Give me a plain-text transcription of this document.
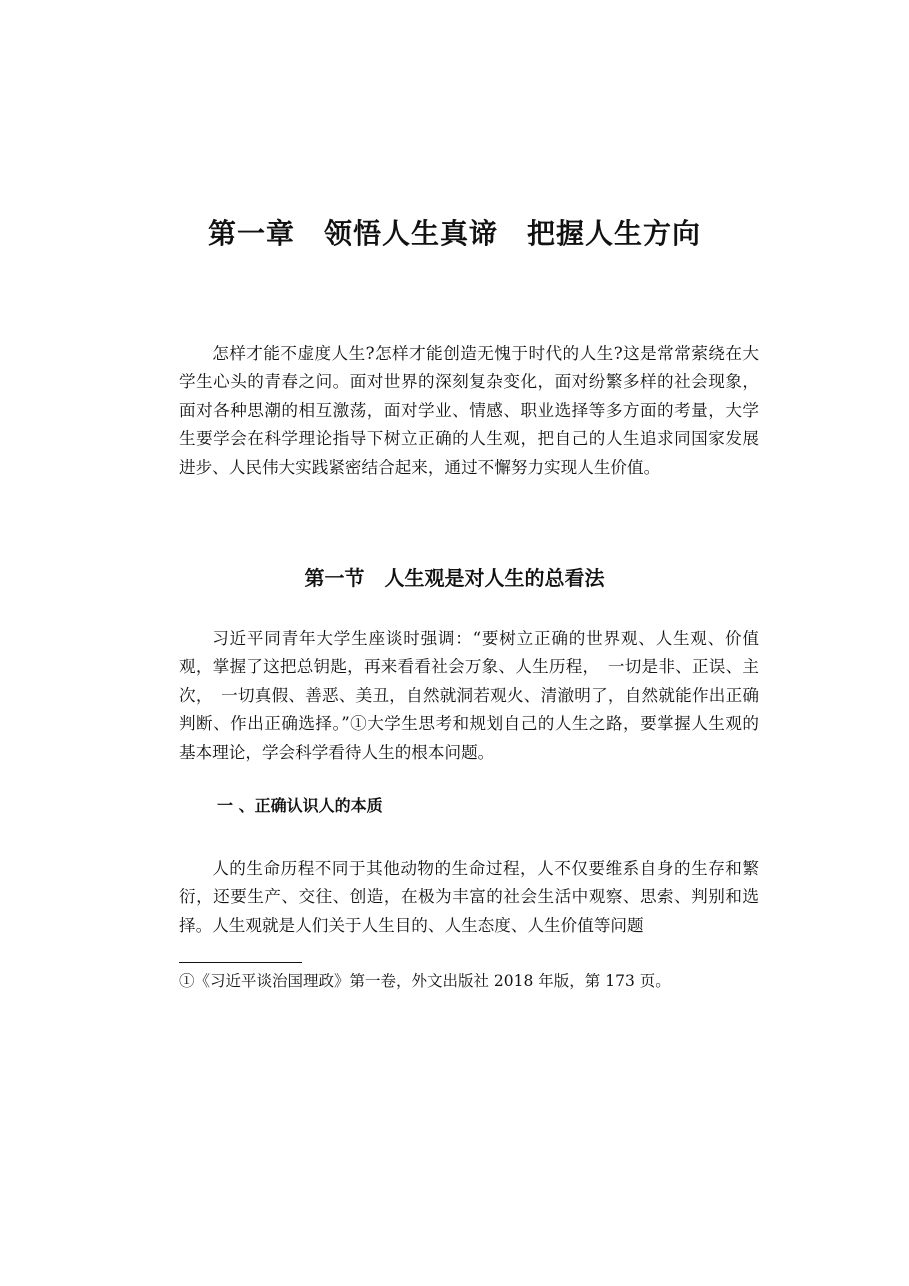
第一章　领悟人生真谛　把握人生方向

怎样才能不虚度人生?怎样才能创造无愧于时代的人生?这是常常萦绕在大学生心头的青春之问。面对世界的深刻复杂变化，面对纷繁多样的社会现象，面对各种思潮的相互激荡，面对学业、情感、职业选择等多方面的考量，大学生要学会在科学理论指导下树立正确的人生观，把自己的人生追求同国家发展进步、人民伟大实践紧密结合起来，通过不懈努力实现人生价值。

第一节　人生观是对人生的总看法

习近平同青年大学生座谈时强调：“要树立正确的世界观、人生观、价值观，掌握了这把总钥匙，再来看看社会万象、人生历程，　一切是非、正误、主次，　一切真假、善恶、美丑，自然就洞若观火、清澈明了，自然就能作出正确判断、作出正确选择。”①大学生思考和规划自己的人生之路，要掌握人生观的基本理论，学会科学看待人生的根本问题。

一 、正确认识人的本质

人的生命历程不同于其他动物的生命过程，人不仅要维系自身的生存和繁衍，还要生产、交往、创造，在极为丰富的社会生活中观察、思索、判别和选择。人生观就是人们关于人生目的、人生态度、人生价值等问题

①《习近平谈治国理政》第一卷，外文出版社 2018 年版，第 173 页。
